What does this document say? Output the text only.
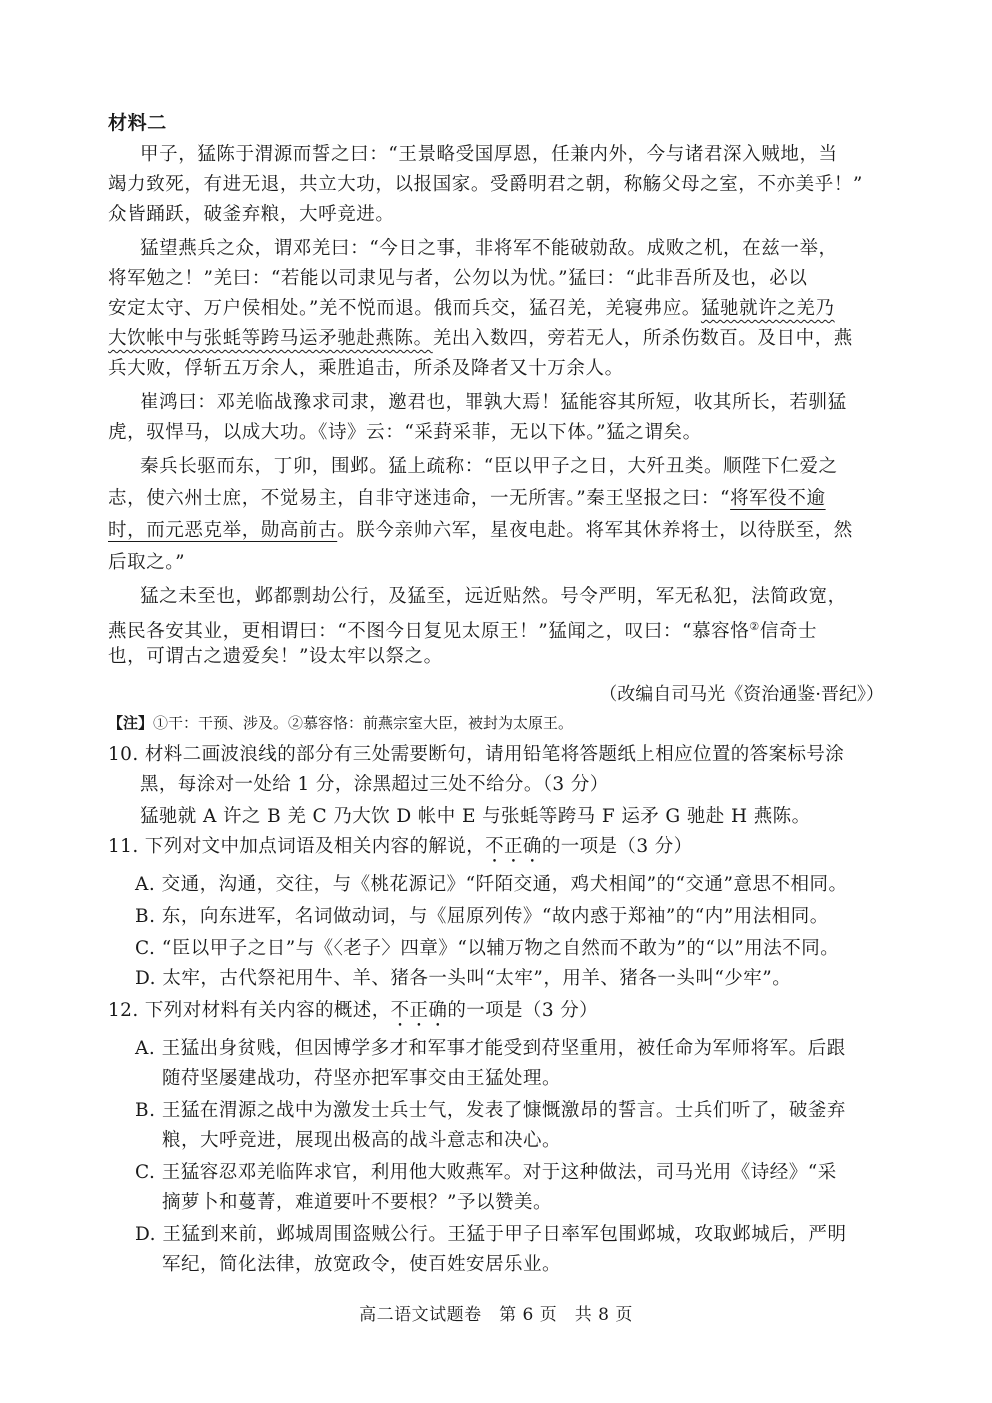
材料二
甲子，猛陈于渭源而誓之曰：“王景略受国厚恩，任兼内外，今与诸君深入贼地，当
竭力致死，有进无退，共立大功，以报国家。受爵明君之朝，称觞父母之室，不亦美乎！”
众皆踊跃，破釜弃粮，大呼竞进。
猛望燕兵之众，谓邓羌曰：“今日之事，非将军不能破勍敌。成败之机，在兹一举，
将军勉之！”羌曰：“若能以司隶见与者，公勿以为忧。”猛曰：“此非吾所及也，必以
安定太守、万户侯相处。”羌不悦而退。俄而兵交，猛召羌，羌寝弗应。猛驰就许之羌乃
大饮帐中与张蚝等跨马运矛驰赴燕陈。羌出入数四，旁若无人，所杀伤数百。及日中，燕
兵大败，俘斩五万余人，乘胜追击，所杀及降者又十万余人。
崔鸿曰：邓羌临战豫求司隶，邀君也，罪孰大焉！猛能容其所短，收其所长，若驯猛
虎，驭悍马，以成大功。《诗》云：“采葑采菲，无以下体。”猛之谓矣。
秦兵长驱而东，丁卯，围邺。猛上疏称：“臣以甲子之日，大歼丑类。顺陛下仁爱之
志，使六州士庶，不觉易主，自非守迷违命，一无所害。”秦王坚报之曰：“将军役不逾
时，而元恶克举，勋高前古。朕今亲帅六军，星夜电赴。将军其休养将士，以待朕至，然
后取之。”
猛之未至也，邺都剽劫公行，及猛至，远近贴然。号令严明，军无私犯，法简政宽，
燕民各安其业，更相谓曰：“不图今日复见太原王！”猛闻之，叹曰：“慕容恪②信奇士
也，可谓古之遗爱矣！”设太牢以祭之。
（改编自司马光《资治通鉴·晋纪》）
【注】①干：干预、涉及。②慕容恪：前燕宗室大臣，被封为太原王。
10. 材料二画波浪线的部分有三处需要断句，请用铅笔将答题纸上相应位置的答案标号涂
黑，每涂对一处给 1 分，涂黑超过三处不给分。（3 分）
猛驰就 A 许之 B 羌 C 乃大饮 D 帐中 E 与张蚝等跨马 F 运矛 G 驰赴 H 燕陈。
11. 下列对文中加点词语及相关内容的解说，不正确的一项是（3 分）
A. 交通，沟通，交往，与《桃花源记》“阡陌交通，鸡犬相闻”的“交通”意思不相同。
B. 东，向东进军，名词做动词，与《屈原列传》“故内惑于郑袖”的“内”用法相同。
C. “臣以甲子之日”与《〈老子〉四章》“以辅万物之自然而不敢为”的“以”用法不同。
D. 太牢，古代祭祀用牛、羊、猪各一头叫“太牢”，用羊、猪各一头叫“少牢”。
12. 下列对材料有关内容的概述，不正确的一项是（3 分）
A. 王猛出身贫贱，但因博学多才和军事才能受到苻坚重用，被任命为军师将军。后跟
随苻坚屡建战功，苻坚亦把军事交由王猛处理。
B. 王猛在渭源之战中为激发士兵士气，发表了慷慨激昂的誓言。士兵们听了，破釜弃
粮，大呼竞进，展现出极高的战斗意志和决心。
C. 王猛容忍邓羌临阵求官，利用他大败燕军。对于这种做法，司马光用《诗经》“采
摘萝卜和蔓菁，难道要叶不要根？”予以赞美。
D. 王猛到来前，邺城周围盗贼公行。王猛于甲子日率军包围邺城，攻取邺城后，严明
军纪，简化法律，放宽政令，使百姓安居乐业。
高二语文试题卷　第 6 页　共 8 页
